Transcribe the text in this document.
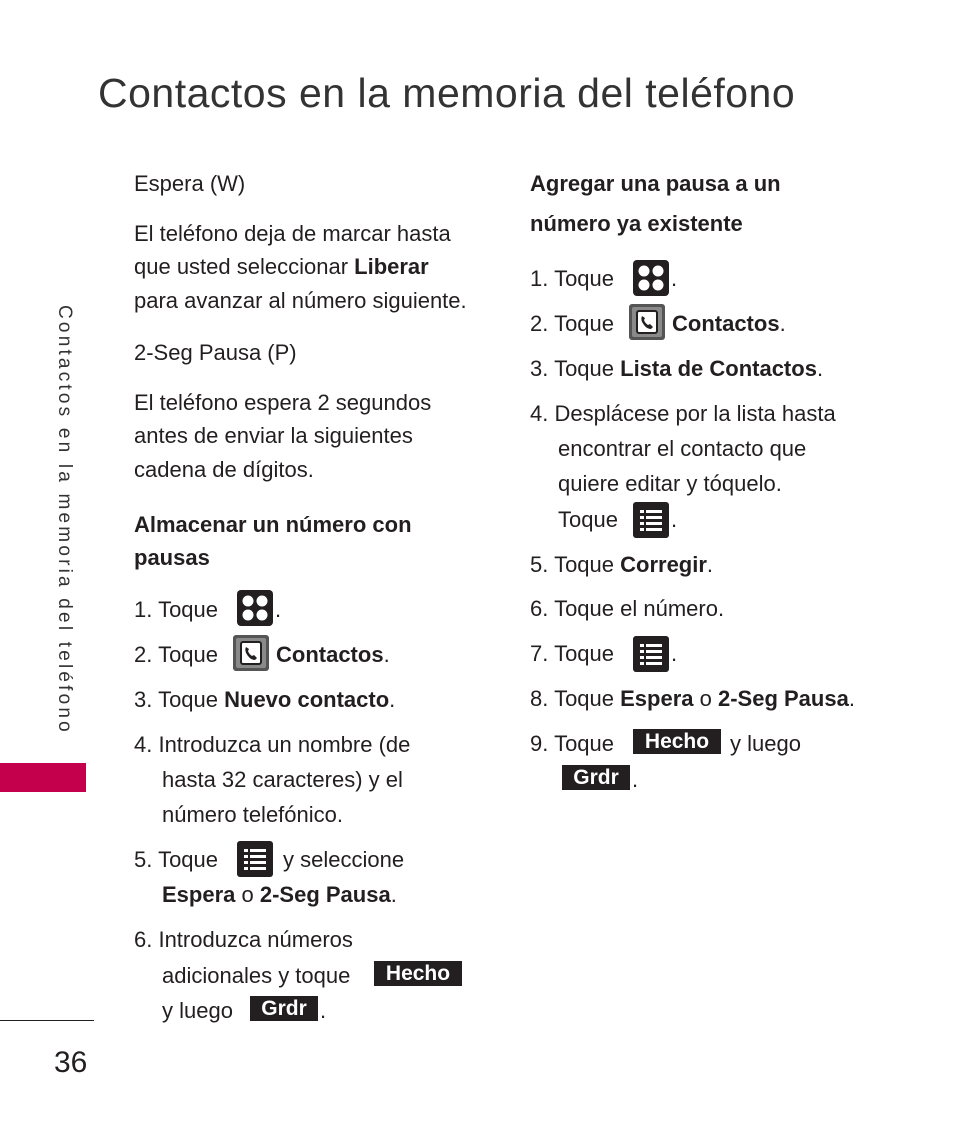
Contactos en la memoria del teléfono
Contactos en la memoria del teléfono
36
Espera (W)
El teléfono deja de marcar hasta
que usted seleccionar Liberar
para avanzar al número siguiente.
2-Seg Pausa (P)
El teléfono espera 2 segundos
antes de enviar la siguientes
cadena de dígitos.
Almacenar un número con
pausas
1. Toque	.
2. Toque	Contactos.
3. Toque Nuevo contacto.
4. Introduzca un nombre (de
hasta 32 caracteres) y el
número telefónico.
5. Toque	y seleccione
Espera o 2-Seg Pausa.
6. Introduzca números
adicionales y toque	Hecho
y luego	Grdr .
Agregar una pausa a un
número ya existente
1. Toque	.
2. Toque	Contactos.
3. Toque Lista de Contactos.
4. Desplácese por la lista hasta
encontrar el contacto que
quiere editar y tóquelo.
Toque .
5. Toque Corregir.
6. Toque el número.
7. Toque	.
8. Toque Espera o 2-Seg Pausa.
9. Toque	Hecho y luego
Grdr .
